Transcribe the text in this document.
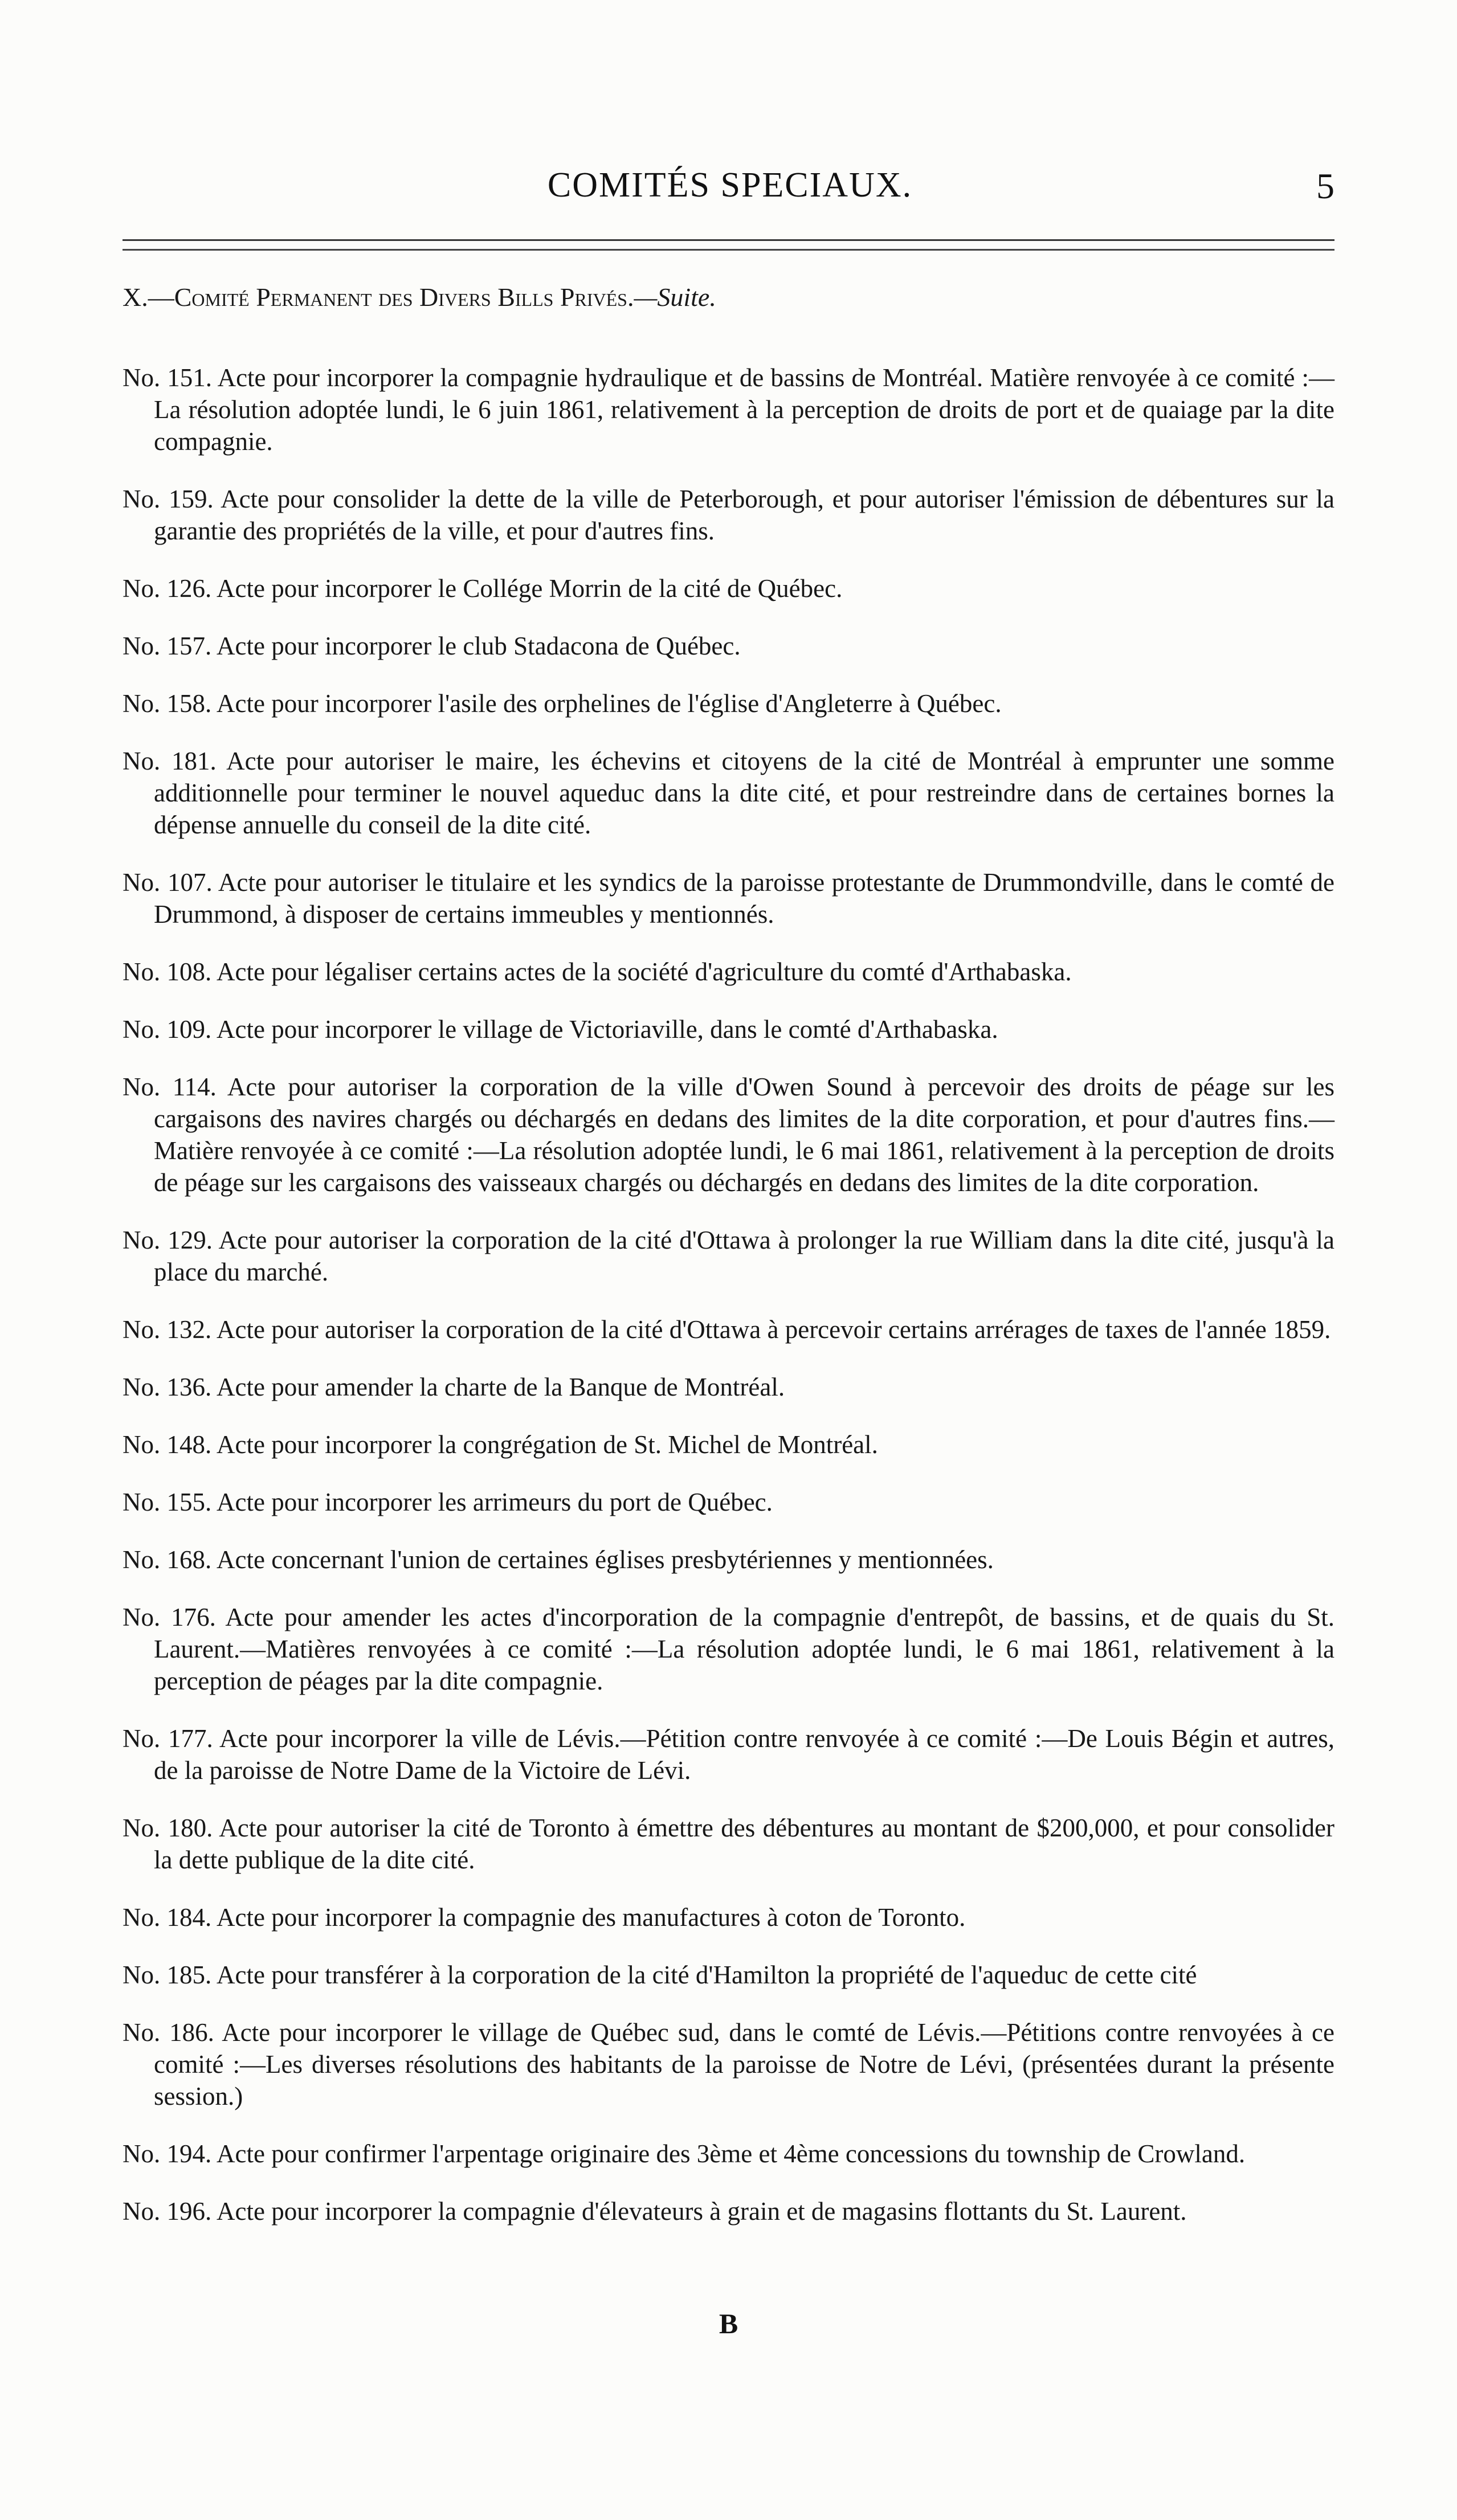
COMITÉS SPECIAUX.	5
X.—Comité Permanent des Divers Bills Privés.—Suite.

No. 151. Acte pour incorporer la compagnie hydraulique et de bassins de Montréal. Matière renvoyée à ce comité :—La résolution adoptée lundi, le 6 juin 1861, relativement à la perception de droits de port et de quaiage par la dite compagnie.

No. 159. Acte pour consolider la dette de la ville de Peterborough, et pour autoriser l'émission de débentures sur la garantie des propriétés de la ville, et pour d'autres fins.

No. 126. Acte pour incorporer le Collége Morrin de la cité de Québec.

No. 157. Acte pour incorporer le club Stadacona de Québec.

No. 158. Acte pour incorporer l'asile des orphelines de l'église d'Angleterre à Québec.

No. 181. Acte pour autoriser le maire, les échevins et citoyens de la cité de Montréal à emprunter une somme additionnelle pour terminer le nouvel aqueduc dans la dite cité, et pour restreindre dans de certaines bornes la dépense annuelle du conseil de la dite cité.

No. 107. Acte pour autoriser le titulaire et les syndics de la paroisse protestante de Drummondville, dans le comté de Drummond, à disposer de certains immeubles y mentionnés.

No. 108. Acte pour légaliser certains actes de la société d'agriculture du comté d'Arthabaska.

No. 109. Acte pour incorporer le village de Victoriaville, dans le comté d'Arthabaska.

No. 114. Acte pour autoriser la corporation de la ville d'Owen Sound à percevoir des droits de péage sur les cargaisons des navires chargés ou déchargés en dedans des limites de la dite corporation, et pour d'autres fins.—Matière renvoyée à ce comité :—La résolution adoptée lundi, le 6 mai 1861, relativement à la perception de droits de péage sur les cargaisons des vaisseaux chargés ou déchargés en dedans des limites de la dite corporation.

No. 129. Acte pour autoriser la corporation de la cité d'Ottawa à prolonger la rue William dans la dite cité, jusqu'à la place du marché.

No. 132. Acte pour autoriser la corporation de la cité d'Ottawa à percevoir certains arrérages de taxes de l'année 1859.

No. 136. Acte pour amender la charte de la Banque de Montréal.

No. 148. Acte pour incorporer la congrégation de St. Michel de Montréal.

No. 155. Acte pour incorporer les arrimeurs du port de Québec.

No. 168. Acte concernant l'union de certaines églises presbytériennes y mentionnées.

No. 176. Acte pour amender les actes d'incorporation de la compagnie d'entrepôt, de bassins, et de quais du St. Laurent.—Matières renvoyées à ce comité :—La résolution adoptée lundi, le 6 mai 1861, relativement à la perception de péages par la dite compagnie.

No. 177. Acte pour incorporer la ville de Lévis.—Pétition contre renvoyée à ce comité :—De Louis Bégin et autres, de la paroisse de Notre Dame de la Victoire de Lévi.

No. 180. Acte pour autoriser la cité de Toronto à émettre des débentures au montant de $200,000, et pour consolider la dette publique de la dite cité.

No. 184. Acte pour incorporer la compagnie des manufactures à coton de Toronto.

No. 185. Acte pour transférer à la corporation de la cité d'Hamilton la propriété de l'aqueduc de cette cité

No. 186. Acte pour incorporer le village de Québec sud, dans le comté de Lévis.—Pétitions contre renvoyées à ce comité :—Les diverses résolutions des habitants de la paroisse de Notre de Lévi, (présentées durant la présente session.)

No. 194. Acte pour confirmer l'arpentage originaire des 3ème et 4ème concessions du township de Crowland.

No. 196. Acte pour incorporer la compagnie d'élevateurs à grain et de magasins flottants du St. Laurent.

B
